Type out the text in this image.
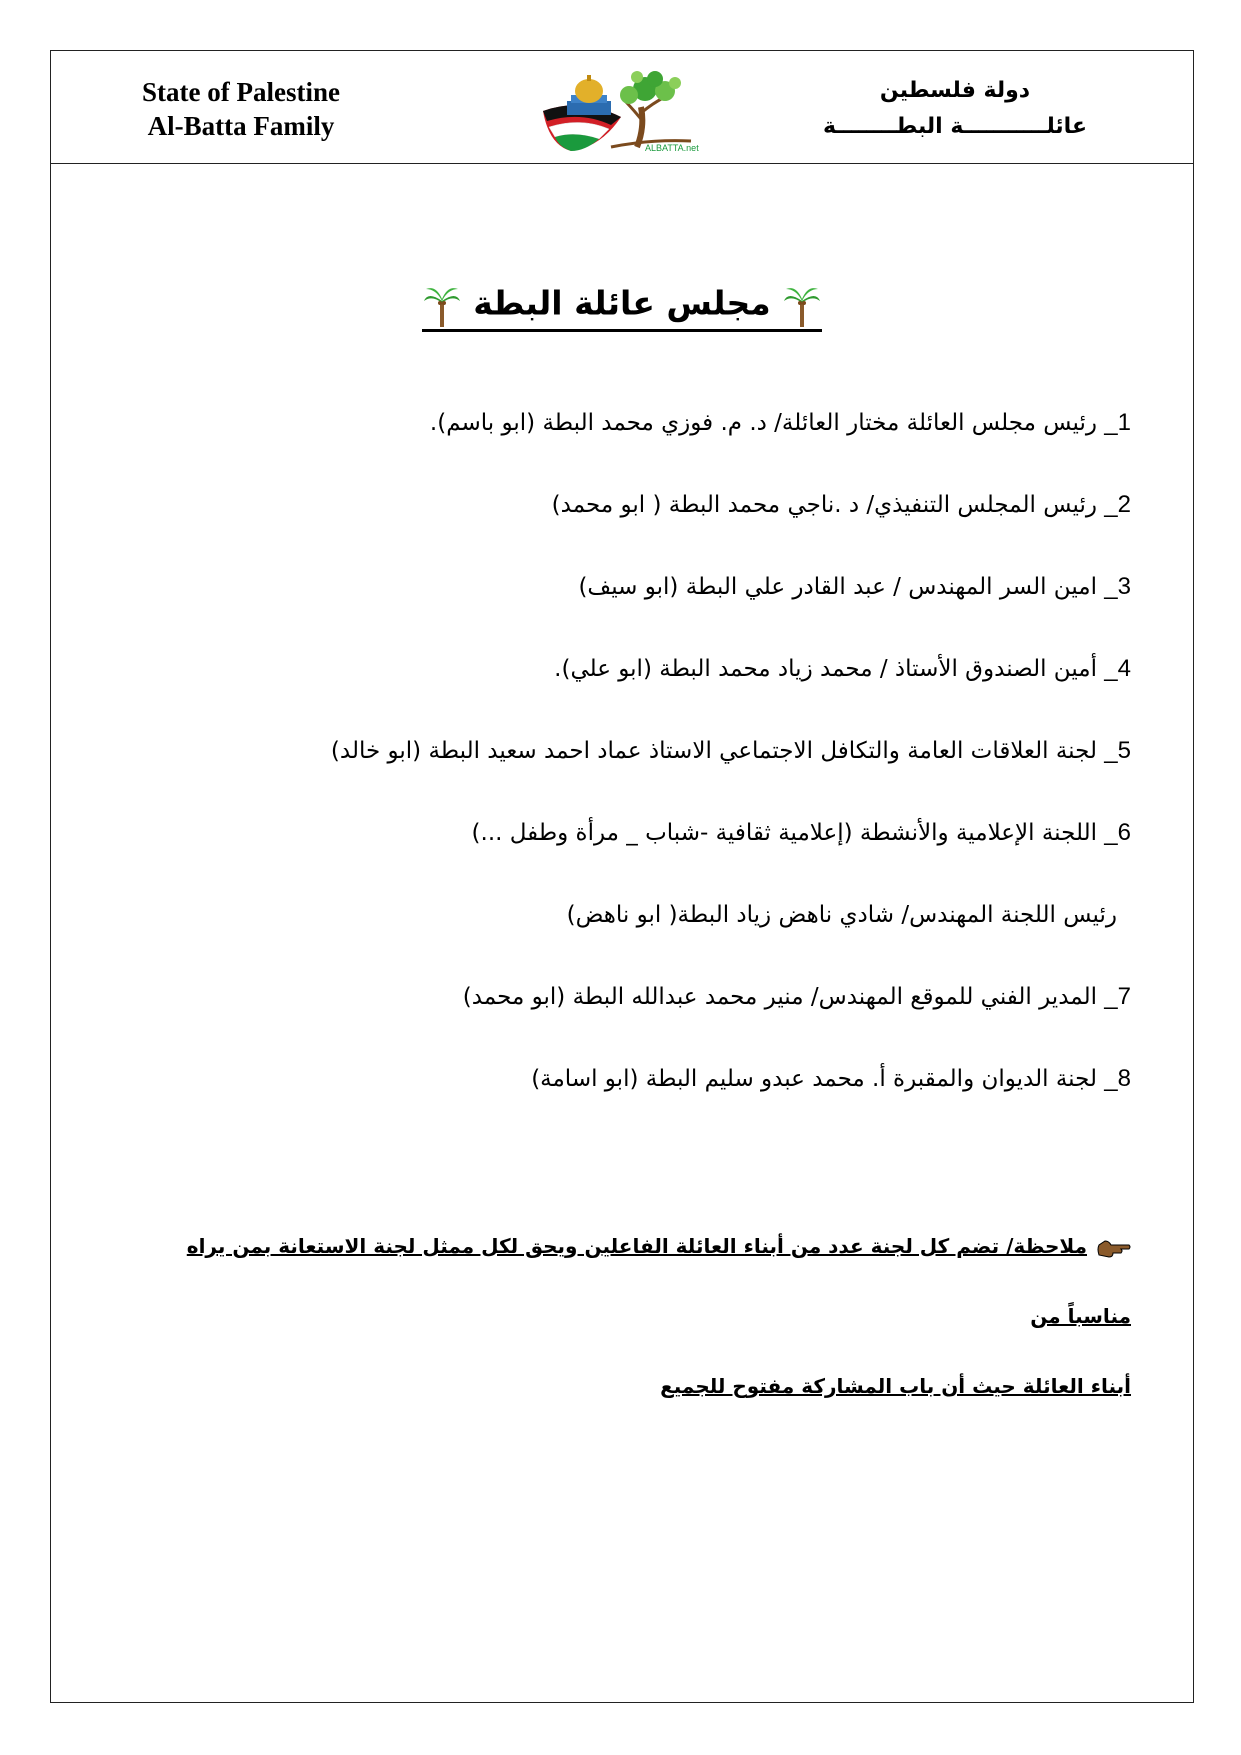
State of Palestine
Al-Batta Family
ALBATTA.net
دولة فلسطين
عائلـــــــــــة البطــــــــة
مجلس عائلة البطة
1_ رئيس مجلس العائلة مختار العائلة/ د. م. فوزي محمد البطة (ابو باسم).
2_ رئيس المجلس التنفيذي/ د .ناجي محمد البطة ( ابو محمد)
3_ امين السر المهندس / عبد القادر علي البطة (ابو سيف)
4_ أمين الصندوق الأستاذ / محمد زياد محمد البطة (ابو علي).
5_ لجنة العلاقات العامة والتكافل الاجتماعي الاستاذ عماد احمد سعيد البطة (ابو خالد)
6_ اللجنة الإعلامية والأنشطة (إعلامية ثقافية -شباب _ مرأة وطفل ...)
رئيس اللجنة المهندس/ شادي ناهض زياد البطة( ابو ناهض)
7_ المدير الفني للموقع المهندس/ منير محمد عبدالله البطة (ابو محمد)
8_ لجنة الديوان والمقبرة أ. محمد عبدو سليم البطة (ابو اسامة)
ملاحظة/ تضم كل لجنة عدد من أبناء العائلة الفاعلين ويحق لكل ممثل لجنة الاستعانة بمن يراه مناسباً من
أبناء العائلة حيث أن باب المشاركة مفتوح للجميع
